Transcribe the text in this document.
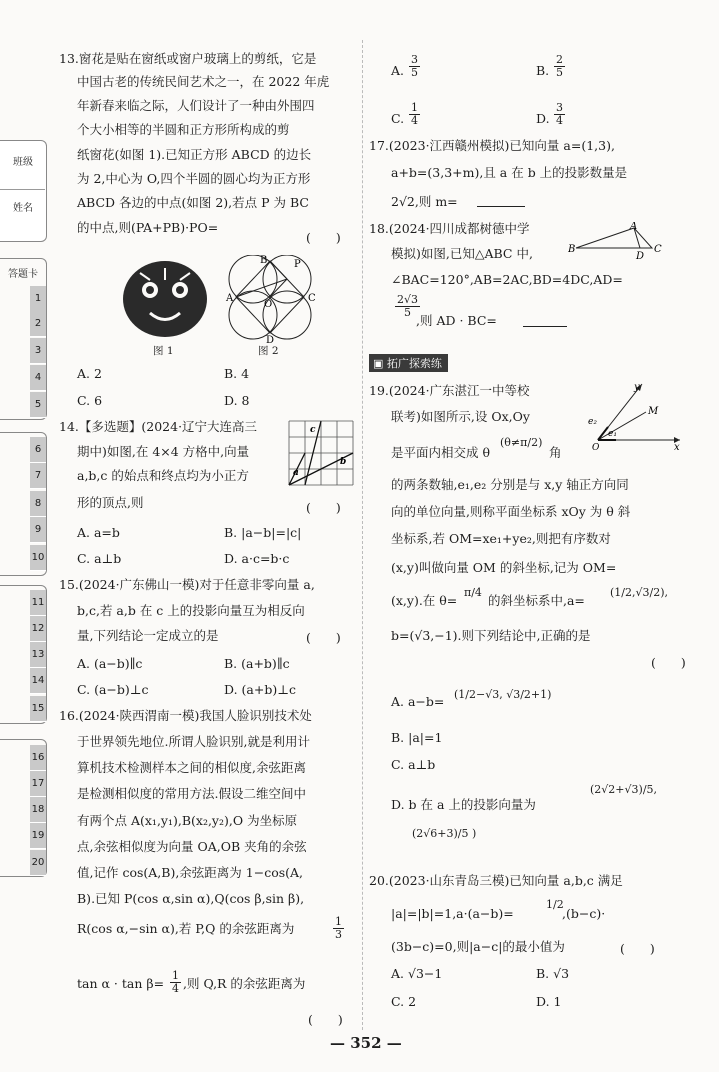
班级
姓名
答题卡
B	P
A
O
C
D
图 1	图 2
c
a
b
A
B
D
C
▣ 拓广探索练
y
M
e₂
e₁
O	x
— 352 —
(　　)
1
2
3
4
5
6
7
8
9
10
11
12
13
14
15
16
17
18
19
20
13.窗花是贴在窗纸或窗户玻璃上的剪纸，它是
中国古老的传统民间艺术之一，在 2022 年虎
年新春来临之际，人们设计了一种由外围四
个大小相等的半圆和正方形所构成的剪
纸窗花(如图 1).已知正方形 ABCD 的边长
为 2,中心为 O,四个半圆的圆心均为正方形
ABCD 各边的中点(如图 2),若点 P 为 BC
的中点,则(PA+PB)·PO=
(　　)
A. 2	B. 4
C. 6	D. 8
14.【多选题】(2024·辽宁大连高三
期中)如图,在 4×4 方格中,向量
a,b,c 的始点和终点均为小正方
形的顶点,则	(　　)
A. a=b	B. |a−b|=|c|
C. a⊥b	D. a·c=b·c
15.(2024·广东佛山一模)对于任意非零向量 a,
b,c,若 a,b 在 c 上的投影向量互为相反向
量,下列结论一定成立的是	(　　)
A. (a−b)∥c	B. (a+b)∥c
C. (a−b)⊥c	D. (a+b)⊥c
16.(2024·陕西渭南一模)我国人脸识别技术处
于世界领先地位.所谓人脸识别,就是利用计
算机技术检测样本之间的相似度,余弦距离
是检测相似度的常用方法.假设二维空间中
有两个点 A(x₁,y₁),B(x₂,y₂),O 为坐标原
点,余弦相似度为向量 OA,OB 夹角的余弦
值,记作 cos(A,B),余弦距离为 1−cos(A,
B).已知 P(cos α,sin α),Q(cos β,sin β),
R(cos α,−sin α),若 P,Q 的余弦距离为	$\frac{1}{3}$
$\tan \alpha \cdot \tan \beta= \frac{1}{4}$ ,则 Q,R 的余弦距离为
A. $\frac{3}{5}$	B. $\frac{2}{5}$
C. $\frac{1}{4}$	D. $\frac{3}{4}$
17.(2023·江西赣州模拟)已知向量 a=(1,3),
a+b=(3,3+m),且 a 在 b 上的投影数量是
2√2,则 m=
18.(2024·四川成都树德中学
模拟)如图,已知△ABC 中,
∠BAC=120°,AB=2AC,BD=4DC,AD=
$\frac{2√3}{5}$
,则 AD · BC=
19.(2024·广东湛江一中等校
联考)如图所示,设 Ox,Oy
是平面内相交成 θ
(θ≠π/2)
角
的两条数轴,e₁,e₂ 分别是与 x,y 轴正方向同
向的单位向量,则称平面坐标系 xOy 为 θ 斜
坐标系,若 OM=xe₁+ye₂,则把有序数对
(x,y)叫做向量 OM 的斜坐标,记为 OM=
(x,y).在 θ=
π/4
的斜坐标系中,a=
(1/2,√3/2),
b=(√3,−1).则下列结论中,正确的是
(　　)
A. a−b= (1/2−√3, √3/2+1)
B. |a|=1
C. a⊥b
D. b 在 a 上的投影向量为
(2√2+√3)/5,
(2√6+3)/5 )
20.(2023·山东青岛三模)已知向量 a,b,c 满足
|a|=|b|=1,a·(a−b)=
1/2
,(b−c)·
(3b−c)=0,则|a−c|的最小值为	(　　)
A. √3−1	B. √3
C. 2	D. 1
